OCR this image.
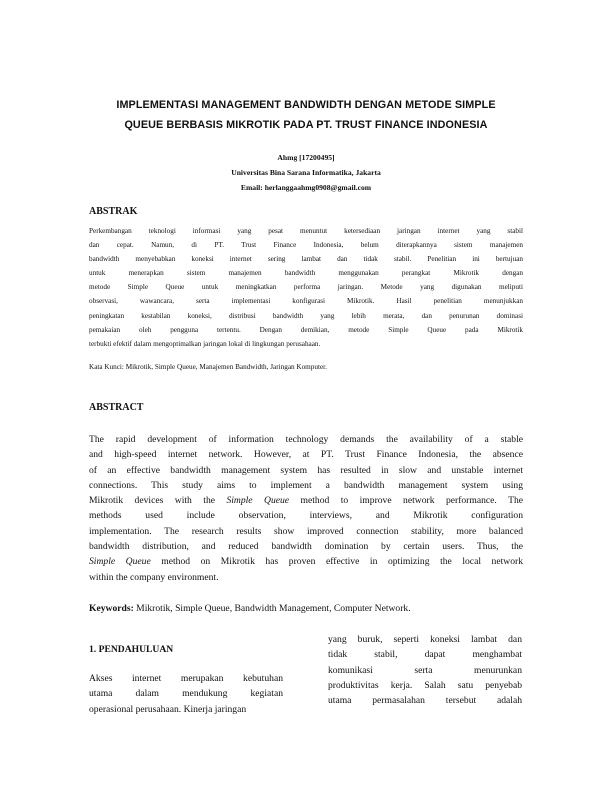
IMPLEMENTASI MANAGEMENT BANDWIDTH DENGAN METODE SIMPLE
QUEUE BERBASIS MIKROTIK PADA PT. TRUST FINANCE INDONESIA
Ahmg [17200495]
Universitas Bina Sarana Informatika, Jakarta
Email: herlanggaahmg0908@gmail.com
ABSTRAK
Perkembangan teknologi informasi yang pesat menuntut ketersediaan jaringan internet yang stabil
dan cepat. Namun, di PT. Trust Finance Indonesia, belum diterapkannya sistem manajemen
bandwidth menyebabkan koneksi internet sering lambat dan tidak stabil. Penelitian ini bertujuan
untuk menerapkan sistem manajemen bandwidth menggunakan perangkat Mikrotik dengan
metode Simple Queue untuk meningkatkan performa jaringan. Metode yang digunakan meliputi
observasi, wawancara, serta implementasi konfigurasi Mikrotik. Hasil penelitian menunjukkan
peningkatan kestabilan koneksi, distribusi bandwidth yang lebih merata, dan penurunan dominasi
pemakaian oleh pengguna tertentu. Dengan demikian, metode Simple Queue pada Mikrotik
terbukti efektif dalam mengoptimalkan jaringan lokal di lingkungan perusahaan.
Kata Kunci: Mikrotik, Simple Queue, Manajemen Bandwidth, Jaringan Komputer.
ABSTRACT
The rapid development of information technology demands the availability of a stable
and high-speed internet network. However, at PT. Trust Finance Indonesia, the absence
of an effective bandwidth management system has resulted in slow and unstable internet
connections. This study aims to implement a bandwidth management system using
Mikrotik devices with the Simple Queue method to improve network performance. The
methods used include observation, interviews, and Mikrotik configuration
implementation. The research results show improved connection stability, more balanced
bandwidth distribution, and reduced bandwidth domination by certain users. Thus, the
Simple Queue method on Mikrotik has proven effective in optimizing the local network
within the company environment.
Keywords: Mikrotik, Simple Queue, Bandwidth Management, Computer Network.
1. PENDAHULUAN
Akses internet merupakan kebutuhan
utama dalam mendukung kegiatan
operasional perusahaan. Kinerja jaringan
yang buruk, seperti koneksi lambat dan
tidak stabil, dapat menghambat
komunikasi serta menurunkan
produktivitas kerja. Salah satu penyebab
utama permasalahan tersebut adalah
